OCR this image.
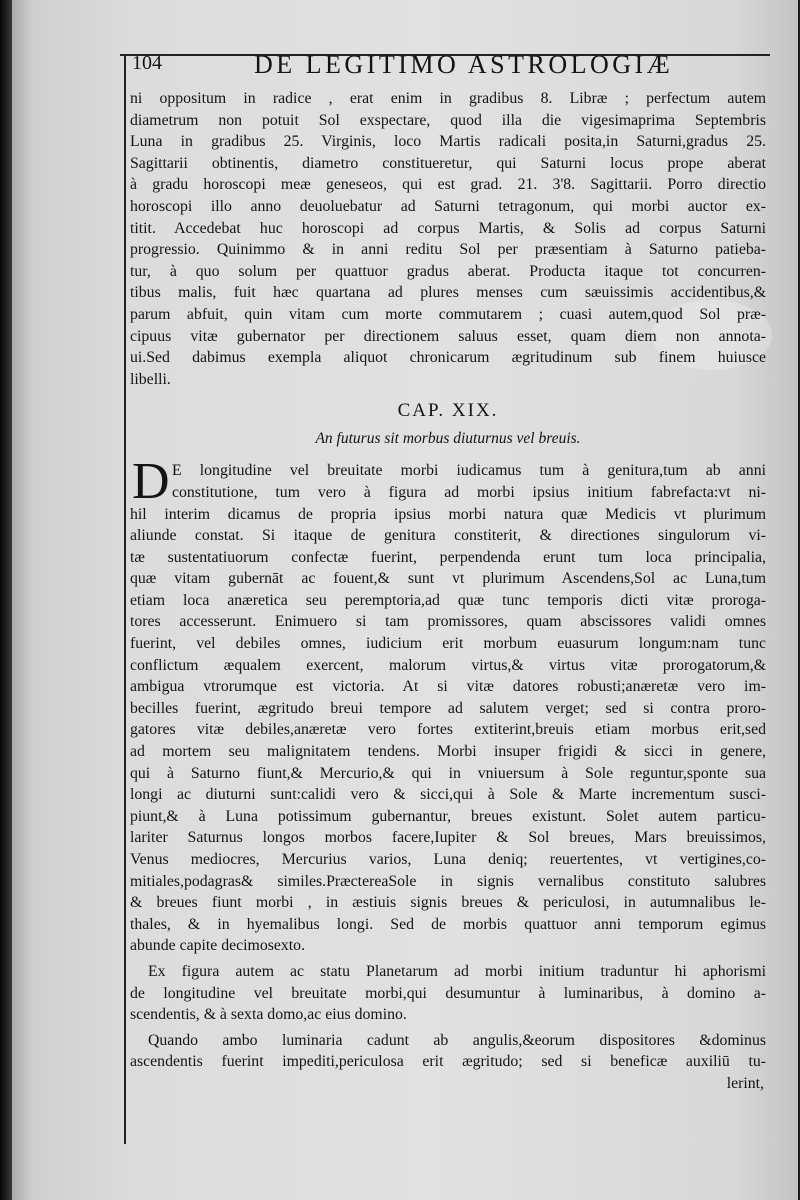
104	DE LEGITIMO ASTROLOGIÆ
ni oppositum in radice , erat enim in gradibus 8. Libræ ; perfectum autem
diametrum non potuit Sol exspectare, quod illa die vigesimaprima Septembris
Luna in gradibus 25. Virginis, loco Martis radicali posita,in Saturni,gradus 25.
Sagittarii obtinentis, diametro constitueretur, qui Saturni locus prope aberat
à gradu horoscopi meæ geneseos, qui est grad. 21. 3'8. Sagittarii. Porro directio
horoscopi illo anno deuoluebatur ad Saturni tetragonum, qui morbi auctor ex-
titit. Accedebat huc horoscopi ad corpus Martis, & Solis ad corpus Saturni
progressio. Quinimmo & in anni reditu Sol per præsentiam à Saturno patieba-
tur, à quo solum per quattuor gradus aberat. Producta itaque tot concurren-
tibus malis, fuit hæc quartana ad plures menses cum sæuissimis accidentibus,&
parum abfuit, quin vitam cum morte commutarem ; cuasi autem,quod Sol præ-
cipuus vitæ gubernator per directionem saluus esset, quam diem non annota-
ui.Sed dabimus exempla aliquot chronicarum ægritudinum sub finem huiusce
libelli.
CAP. XIX.
An futurus sit morbus diuturnus vel breuis.
D E longitudine vel breuitate morbi iudicamus tum à genitura,tum ab anni
constitutione, tum vero à figura ad morbi ipsius initium fabrefacta:vt ni-
hil interim dicamus de propria ipsius morbi natura quæ Medicis vt plurimum
aliunde constat. Si itaque de genitura constiterit, & directiones singulorum vi-
tæ sustentatiuorum confectæ fuerint, perpendenda erunt tum loca principalia,
quæ vitam gubernāt ac fouent,& sunt vt plurimum Ascendens,Sol ac Luna,tum
etiam loca anæretica seu peremptoria,ad quæ tunc temporis dicti vitæ proroga-
tores accesserunt. Enimuero si tam promissores, quam abscissores validi omnes
fuerint, vel debiles omnes, iudicium erit morbum euasurum longum:nam tunc
conflictum æqualem exercent, malorum virtus,& virtus vitæ prorogatorum,&
ambigua vtrorumque est victoria. At si vitæ datores robusti;anæretæ vero im-
becilles fuerint, ægritudo breui tempore ad salutem verget; sed si contra proro-
gatores vitæ debiles,anæretæ vero fortes extiterint,breuis etiam morbus erit,sed
ad mortem seu malignitatem tendens. Morbi insuper frigidi & sicci in genere,
qui à Saturno fiunt,& Mercurio,& qui in vniuersum à Sole reguntur,sponte sua
longi ac diuturni sunt:calidi vero & sicci,qui à Sole & Marte incrementum susci-
piunt,& à Luna potissimum gubernantur, breues existunt. Solet autem particu-
lariter Saturnus longos morbos facere,Iupiter & Sol breues, Mars breuissimos,
Venus mediocres, Mercurius varios, Luna deniq; reuertentes, vt vertigines,co-
mitiales,podagras& similes.PræctereaSole in signis vernalibus constituto salubres
& breues fiunt morbi , in æstiuis signis breues & periculosi, in autumnalibus le-
thales, & in hyemalibus longi. Sed de morbis quattuor anni temporum egimus
abunde capite decimosexto.
Ex figura autem ac statu Planetarum ad morbi initium traduntur hi aphorismi
de longitudine vel breuitate morbi,qui desumuntur à luminaribus, à domino a-
scendentis, & à sexta domo,ac eius domino.
Quando ambo luminaria cadunt ab angulis,&eorum dispositores &dominus
ascendentis fuerint impediti,periculosa erit ægritudo; sed si beneficæ auxiliū tu-
lerint,
